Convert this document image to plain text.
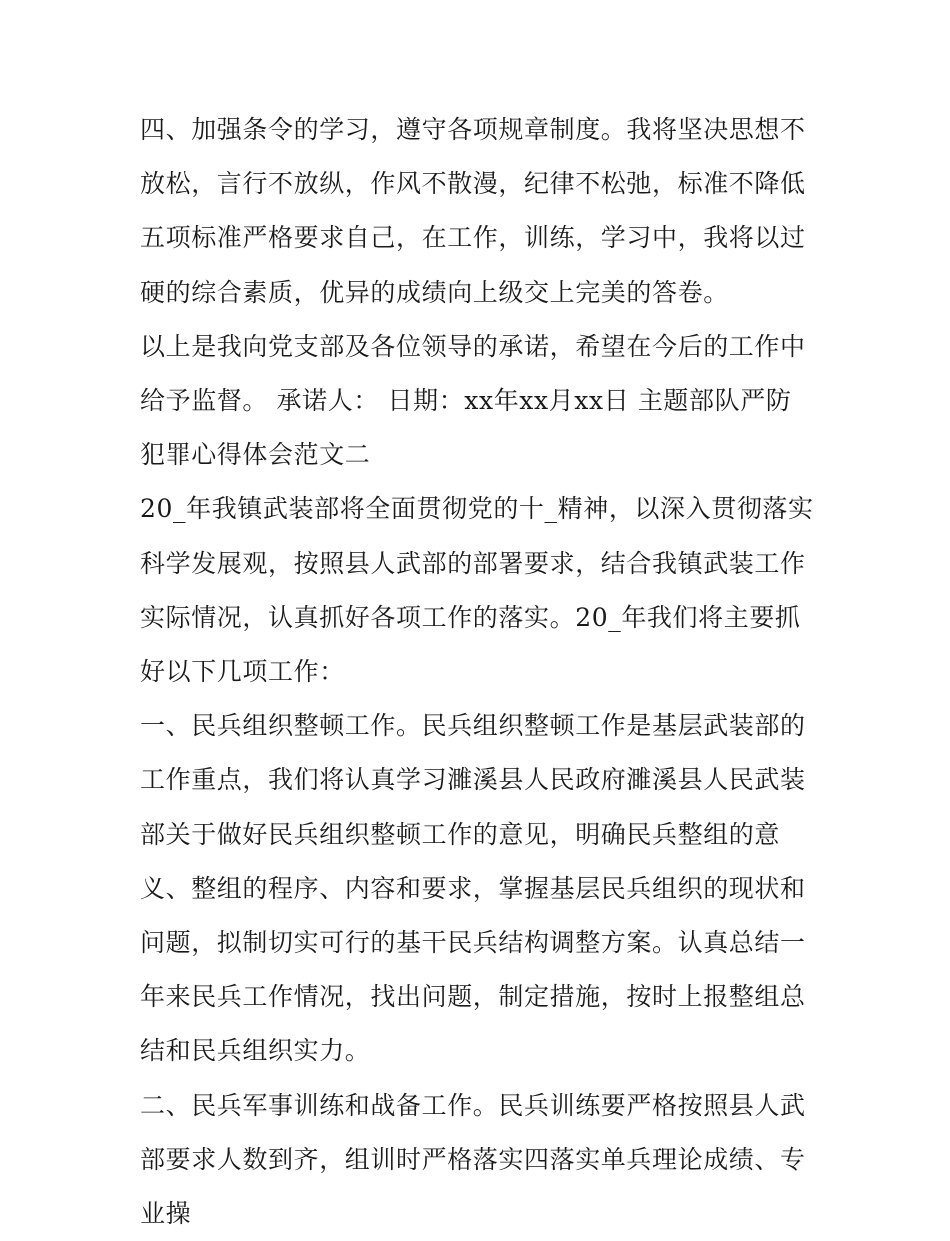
四、加强条令的学习，遵守各项规章制度。我将坚决思想不放松，言行不放纵，作风不散漫，纪律不松弛，标准不降低五项标准严格要求自己，在工作，训练，学习中，我将以过硬的综合素质，优异的成绩向上级交上完美的答卷。

以上是我向党支部及各位领导的承诺，希望在今后的工作中给予监督。 承诺人： 日期：xx年xx月xx日 主题部队严防犯罪心得体会范文二

20_年我镇武装部将全面贯彻党的十_精神，以深入贯彻落实科学发展观，按照县人武部的部署要求，结合我镇武装工作实际情况，认真抓好各项工作的落实。20_年我们将主要抓好以下几项工作：

一、民兵组织整顿工作。民兵组织整顿工作是基层武装部的工作重点，我们将认真学习濉溪县人民政府濉溪县人民武装部关于做好民兵组织整顿工作的意见，明确民兵整组的意义、整组的程序、内容和要求，掌握基层民兵组织的现状和问题，拟制切实可行的基干民兵结构调整方案。认真总结一年来民兵工作情况，找出问题，制定措施，按时上报整组总结和民兵组织实力。

二、民兵军事训练和战备工作。民兵训练要严格按照县人武部要求人数到齐，组训时严格落实四落实单兵理论成绩、专业操
